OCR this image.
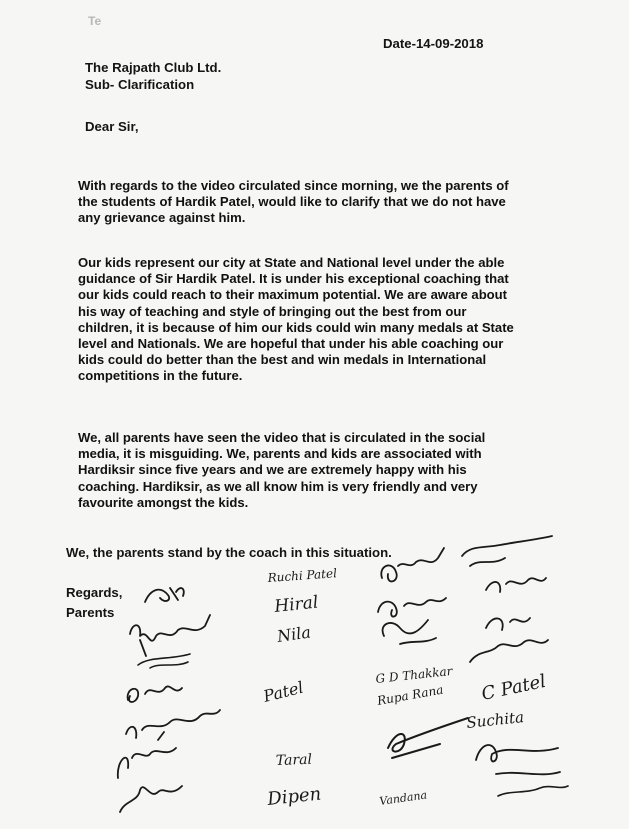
Te
Date-14-09-2018
The Rajpath Club Ltd.
Sub- Clarification
Dear Sir,
With regards to the video circulated since morning, we the parents of
the students of Hardik Patel, would like to clarify that we do not have
any grievance against him.
Our kids represent our city at State and National level under the able
guidance of Sir Hardik Patel. It is under his exceptional coaching that
our kids could reach to their maximum potential. We are aware about
his way of teaching and style of bringing out the best from our
children, it is because of him our kids could win many medals at State
level and Nationals. We are hopeful that under his able coaching our
kids could do better than the best and win medals in International
competitions in the future.
We, all parents have seen the video that is circulated in the social
media, it is misguiding. We, parents and kids are associated with
Hardiksir since five years and we are extremely happy with his
coaching. Hardiksir, as we all know him is very friendly and very
favourite amongst the kids.
We, the parents stand by the coach in this situation.
Regards,
Parents
Ruchi Patel
Hiral
Nila
Patel
Taral
Dipen
C Patel
Suchita
G D Thakkar
Rupa Rana
Vandana
